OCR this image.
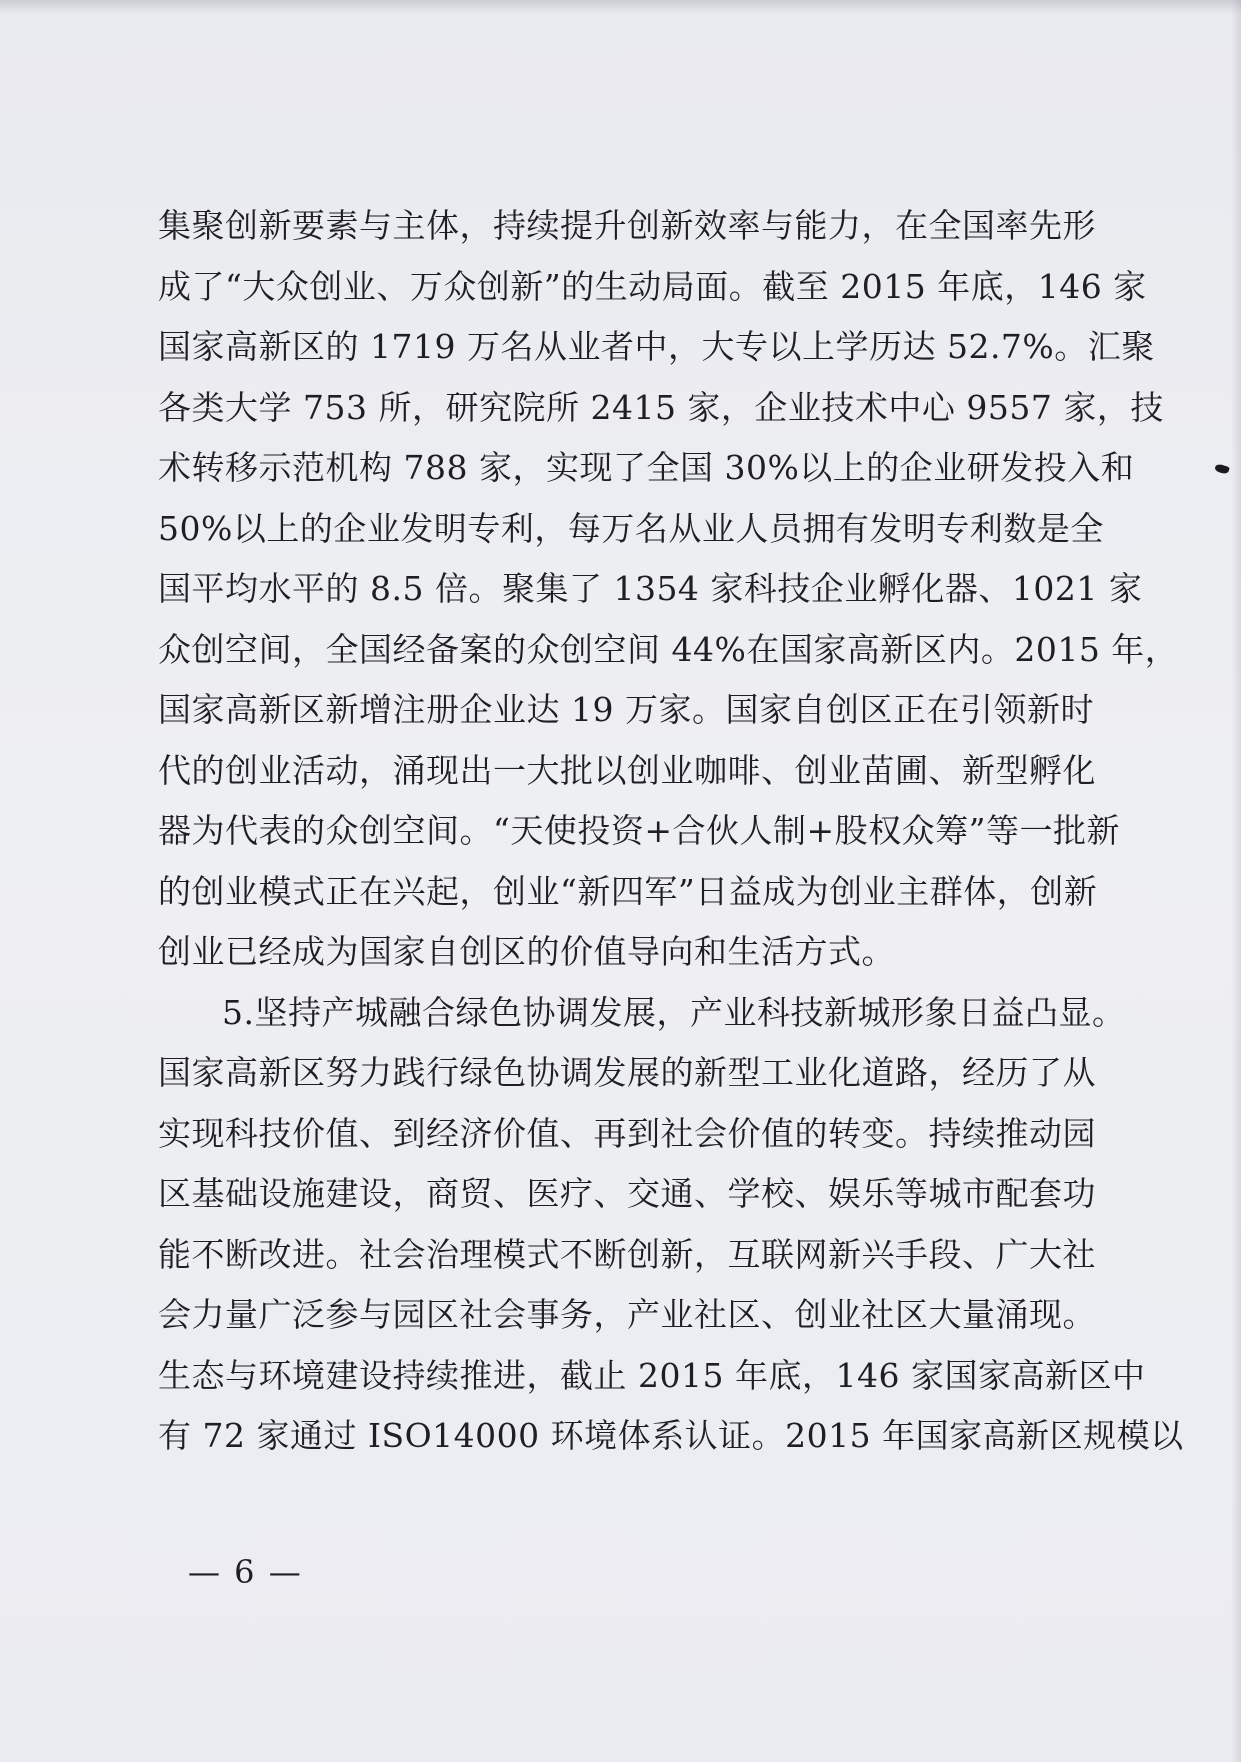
集聚创新要素与主体，持续提升创新效率与能力，在全国率先形
成了“大众创业、万众创新”的生动局面。截至 2015 年底，146 家
国家高新区的 1719 万名从业者中，大专以上学历达 52.7%。汇聚
各类大学 753 所，研究院所 2415 家，企业技术中心 9557 家，技
术转移示范机构 788 家，实现了全国 30%以上的企业研发投入和
50%以上的企业发明专利，每万名从业人员拥有发明专利数是全
国平均水平的 8.5 倍。聚集了 1354 家科技企业孵化器、1021 家
众创空间，全国经备案的众创空间 44%在国家高新区内。2015 年，
国家高新区新增注册企业达 19 万家。国家自创区正在引领新时
代的创业活动，涌现出一大批以创业咖啡、创业苗圃、新型孵化
器为代表的众创空间。“天使投资+合伙人制+股权众筹”等一批新
的创业模式正在兴起，创业“新四军”日益成为创业主群体，创新
创业已经成为国家自创区的价值导向和生活方式。
5.坚持产城融合绿色协调发展，产业科技新城形象日益凸显。
国家高新区努力践行绿色协调发展的新型工业化道路，经历了从
实现科技价值、到经济价值、再到社会价值的转变。持续推动园
区基础设施建设，商贸、医疗、交通、学校、娱乐等城市配套功
能不断改进。社会治理模式不断创新，互联网新兴手段、广大社
会力量广泛参与园区社会事务，产业社区、创业社区大量涌现。
生态与环境建设持续推进，截止 2015 年底，146 家国家高新区中
有 72 家通过 ISO14000 环境体系认证。2015 年国家高新区规模以
— 6 —
